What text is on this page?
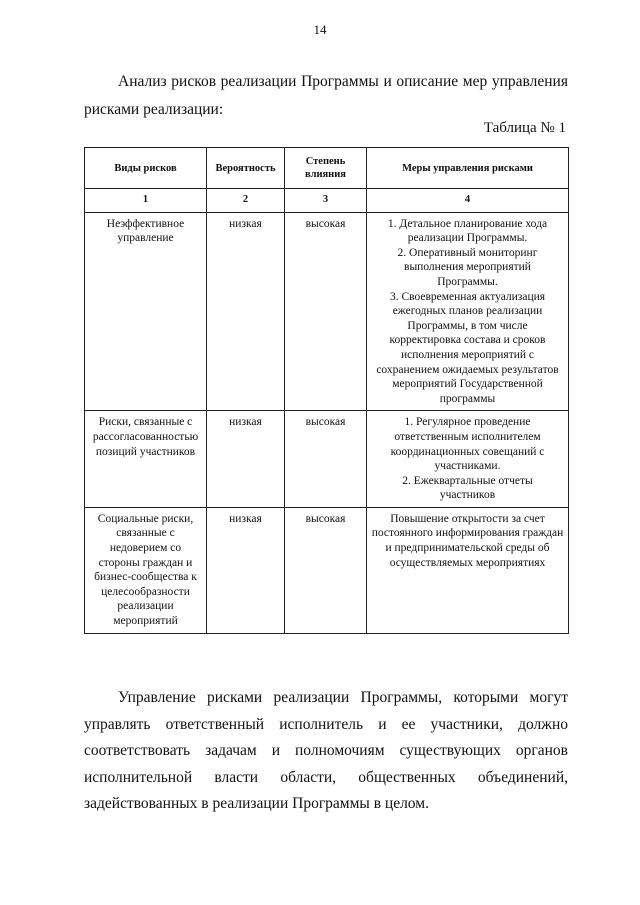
14
Анализ рисков реализации Программы и описание мер управления рисками реализации:
Таблица № 1
Виды рисков	Вероятность	Степень влияния	Меры управления рисками
1	2	3	4
Неэффективное управление	низкая	высокая	1. Детальное планирование хода реализации Программы.
2. Оперативный мониторинг выполнения мероприятий Программы.
3. Своевременная актуализация ежегодных планов реализации Программы, в том числе корректировка состава и сроков исполнения мероприятий с сохранением ожидаемых результатов мероприятий Государственной программы

Риски, связанные с рассогласованностью позиций участников	низкая	высокая	1. Регулярное проведение ответственным исполнителем координационных совещаний с участниками.
2. Ежеквартальные отчеты участников

Социальные риски, связанные с недоверием со стороны граждан и бизнес-сообщества к целесообразности реализации мероприятий	низкая	высокая	Повышение открытости за счет постоянного информирования граждан и предпринимательской среды об осуществляемых мероприятиях
Управление рисками реализации Программы, которыми могут управлять ответственный исполнитель и ее участники, должно соответствовать задачам и полномочиям существующих органов исполнительной власти области, общественных объединений, задействованных в реализации Программы в целом.
